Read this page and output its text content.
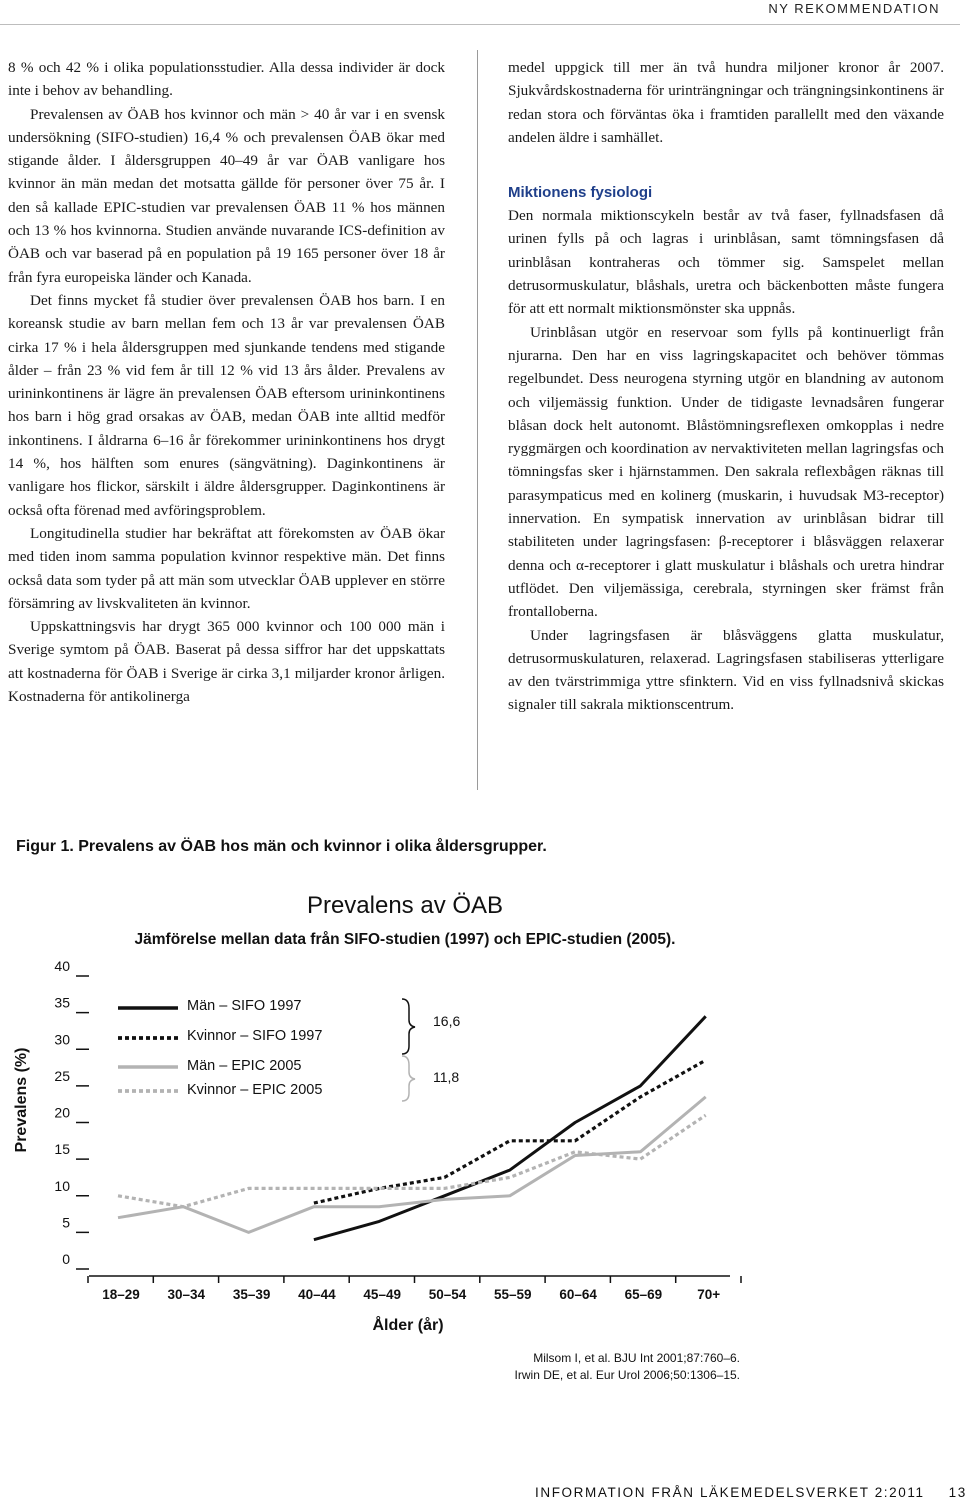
NY REKOMMENDATION

8 % och 42 % i olika populationsstudier. Alla dessa individer är dock inte i behov av behandling.

Prevalensen av ÖAB hos kvinnor och män > 40 år var i en svensk undersökning (SIFO-studien) 16,4 % och prevalensen ÖAB ökar med stigande ålder. I åldersgruppen 40–49 år var ÖAB vanligare hos kvinnor än män medan det motsatta gällde för personer över 75 år. I den så kallade EPIC-studien var prevalensen ÖAB 11 % hos männen och 13 % hos kvinnorna. Studien använde nuvarande ICS-definition av ÖAB och var baserad på en population på 19 165 personer över 18 år från fyra europeiska länder och Kanada.

Det finns mycket få studier över prevalensen ÖAB hos barn. I en koreansk studie av barn mellan fem och 13 år var prevalensen ÖAB cirka 17 % i hela åldersgruppen med sjunkande tendens med stigande ålder – från 23 % vid fem år till 12 % vid 13 års ålder. Prevalens av urininkontinens är lägre än prevalensen ÖAB eftersom urininkontinens hos barn i hög grad orsakas av ÖAB, medan ÖAB inte alltid medför inkontinens. I åldrarna 6–16 år förekommer urininkontinens hos drygt 14 %, hos hälften som enures (sängvätning). Daginkontinens är vanligare hos flickor, särskilt i äldre åldersgrupper. Daginkontinens är också ofta förenad med avföringsproblem.

Longitudinella studier har bekräftat att förekomsten av ÖAB ökar med tiden inom samma population kvinnor respektive män. Det finns också data som tyder på att män som utvecklar ÖAB upplever en större försämring av livskvaliteten än kvinnor.

Uppskattningsvis har drygt 365 000 kvinnor och 100 000 män i Sverige symtom på ÖAB. Baserat på dessa siffror har det uppskattats att kostnaderna för ÖAB i Sverige är cirka 3,1 miljarder kronor årligen. Kostnaderna för antikolinerga

medel uppgick till mer än två hundra miljoner kronor år 2007. Sjukvårdskostnaderna för urinträngningar och trängningsinkontinens är redan stora och förväntas öka i framtiden parallellt med den växande andelen äldre i samhället.

Miktionens fysiologi

Den normala miktionscykeln består av två faser, fyllnadsfasen då urinen fylls på och lagras i urinblåsan, samt tömningsfasen då urinblåsan kontraheras och tömmer sig. Samspelet mellan detrusormuskulatur, blåshals, uretra och bäckenbotten måste fungera för att ett normalt miktionsmönster ska uppnås.

Urinblåsan utgör en reservoar som fylls på kontinuerligt från njurarna. Den har en viss lagringskapacitet och behöver tömmas regelbundet. Dess neurogena styrning utgör en blandning av autonom och viljemässig funktion. Under de tidigaste levnadsåren fungerar blåsan dock helt autonomt. Blåstömningsreflexen omkopplas i nedre ryggmärgen och koordination av nervaktiviteten mellan lagringsfas och tömningsfas sker i hjärnstammen. Den sakrala reflexbågen räknas till parasympaticus med en kolinerg (muskarin, i huvudsak M3-receptor) innervation. En sympatisk innervation av urinblåsan bidrar till stabiliteten under lagringsfasen: β-receptorer i blåsväggen relaxerar denna och α-receptorer i glatt muskulatur i blåshals och uretra hindrar utflödet. Den viljemässiga, cerebrala, styrningen sker främst från frontalloberna.

Under lagringsfasen är blåsväggens glatta muskulatur, detrusormuskulaturen, relaxerad. Lagringsfasen stabiliseras ytterligare av den tvärstrimmiga yttre sfinktern. Vid en viss fyllnadsnivå skickas signaler till sakrala miktionscentrum.

Figur 1. Prevalens av ÖAB hos män och kvinnor i olika åldersgrupper.
Prevalens av ÖAB
Jämförelse mellan data från SIFO-studien (1997) och EPIC-studien (2005).
0
5
10
15
20
25
30
35
40
18–29 30–34 35–39 40–44 45–49 50–54 55–59 60–64 65–69	70+
Män – SIFO 1997
Kvinnor – SIFO 1997
Män – EPIC 2005
Kvinnor – EPIC 2005
16,6
11,8
Prevalens (%)
Ålder (år)
Milsom I, et al. BJU Int 2001;87:760–6.
Irwin DE, et al. Eur Urol 2006;50:1306–15.
INFORMATION FRÅN LÄKEMEDELSVERKET 2:2011 13
